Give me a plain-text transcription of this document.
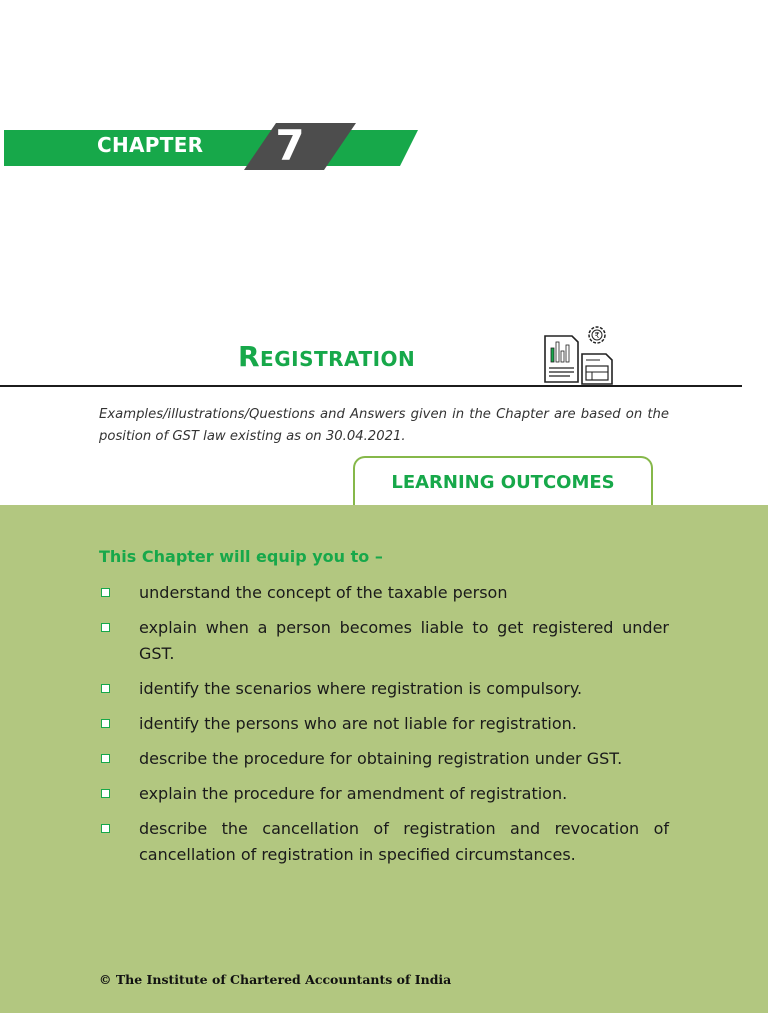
CHAPTER 7
Registration
₹

Examples/illustrations/Questions and Answers given in the Chapter are based on the position of GST law existing as on 30.04.2021.

LEARNING OUTCOMES
This Chapter will equip you to –
understand the concept of the taxable person
explain when a person becomes liable to get registered under GST.
identify the scenarios where registration is compulsory.
identify the persons who are not liable for registration.
describe the procedure for obtaining registration under GST.
explain the procedure for amendment of registration.
describe the cancellation of registration and revocation of cancellation of registration in specified circumstances.
© The Institute of Chartered Accountants of India
